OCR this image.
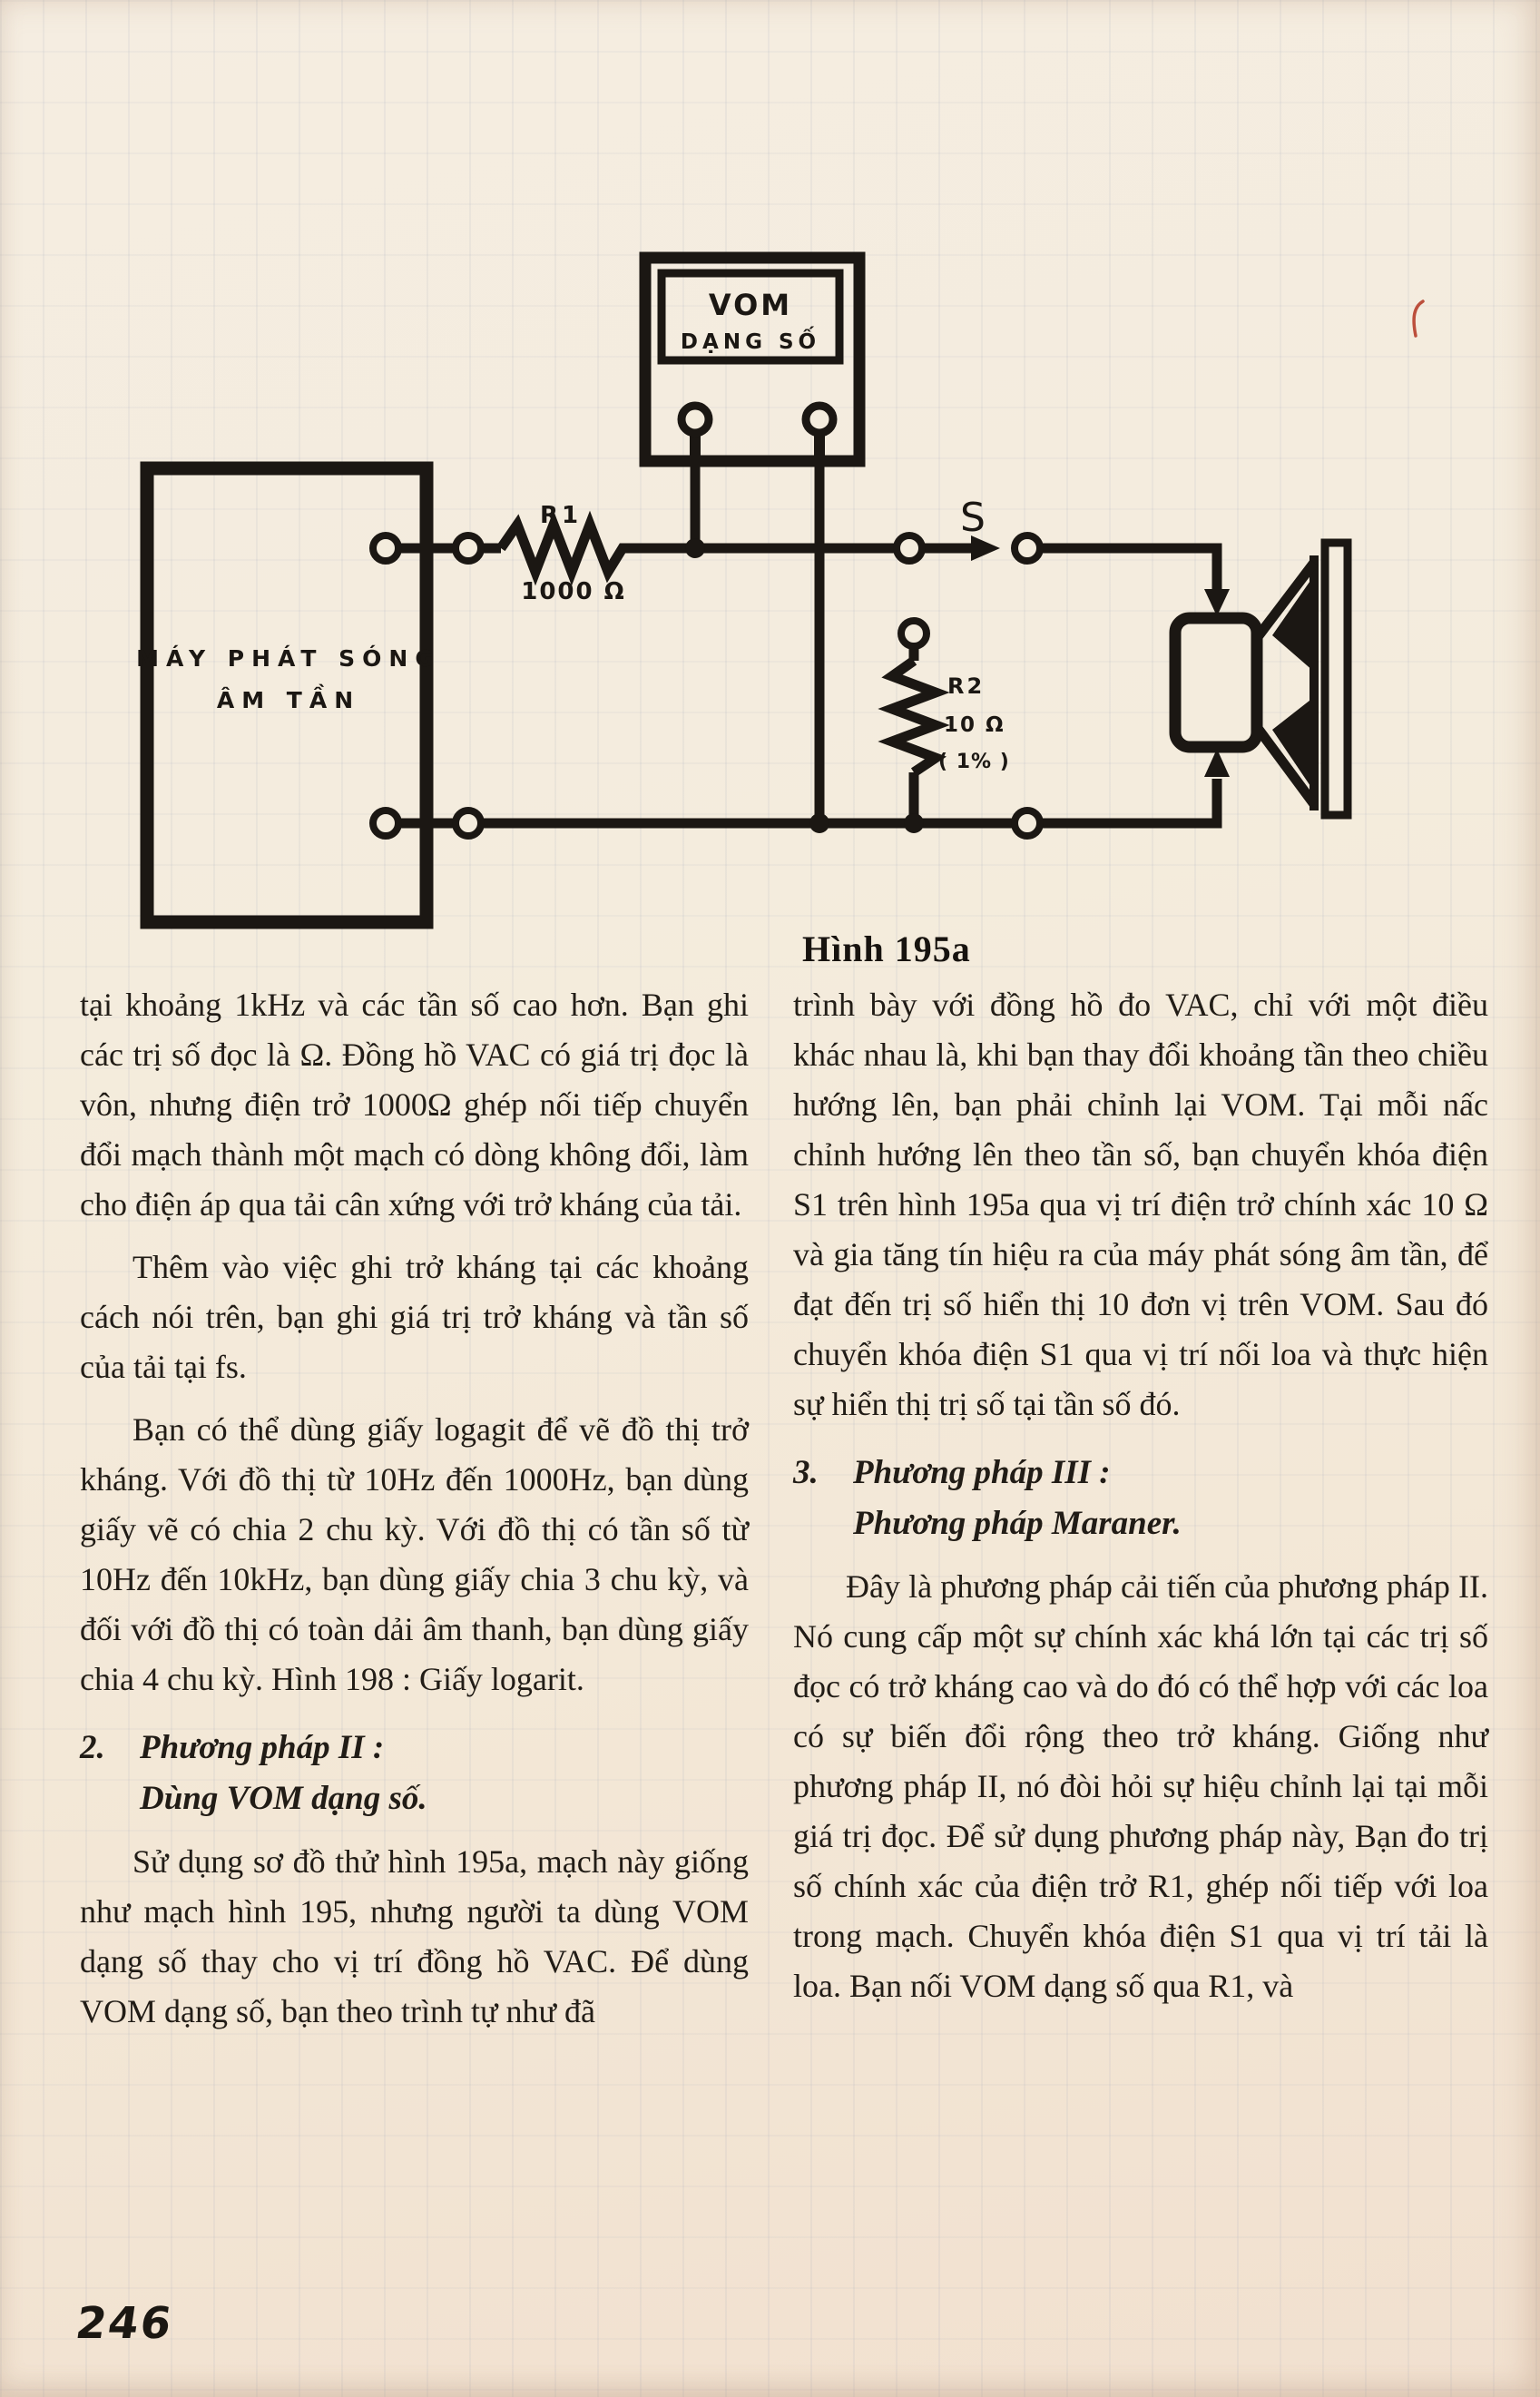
MÁY PHÁT SÓNG
ÂM TẦN
VOM
DẠNG SỐ
R1
1000 Ω
S
R2
10 Ω
( 1% )
Hình 195a

tại khoảng 1kHz và các tần số cao hơn. Bạn ghi các trị số đọc là Ω. Đồng hồ VAC có giá trị đọc là vôn, nhưng điện trở 1000Ω ghép nối tiếp chuyển đổi mạch thành một mạch có dòng không đổi, làm cho điện áp qua tải cân xứng với trở kháng của tải.

Thêm vào việc ghi trở kháng tại các khoảng cách nói trên, bạn ghi giá trị trở kháng và tần số của tải tại fs.

Bạn có thể dùng giấy logagit để vẽ đồ thị trở kháng. Với đồ thị từ 10Hz đến 1000Hz, bạn dùng giấy vẽ có chia 2 chu kỳ. Với đồ thị có tần số từ 10Hz đến 10kHz, bạn dùng giấy chia 3 chu kỳ, và đối với đồ thị có toàn dải âm thanh, bạn dùng giấy chia 4 chu kỳ. Hình 198 : Giấy logarit.

2.	Phương pháp II :
Dùng VOM dạng số.

Sử dụng sơ đồ thử hình 195a, mạch này giống như mạch hình 195, nhưng người ta dùng VOM dạng số thay cho vị trí đồng hồ VAC. Để dùng VOM dạng số, bạn theo trình tự như đã

trình bày với đồng hồ đo VAC, chỉ với một điều khác nhau là, khi bạn thay đổi khoảng tần theo chiều hướng lên, bạn phải chỉnh lại VOM. Tại mỗi nấc chỉnh hướng lên theo tần số, bạn chuyển khóa điện S1 trên hình 195a qua vị trí điện trở chính xác 10 Ω và gia tăng tín hiệu ra của máy phát sóng âm tần, để đạt đến trị số hiển thị 10 đơn vị trên VOM. Sau đó chuyển khóa điện S1 qua vị trí nối loa và thực hiện sự hiển thị trị số tại tần số đó.

3.	Phương pháp III :
Phương pháp Maraner.

Đây là phương pháp cải tiến của phương pháp II. Nó cung cấp một sự chính xác khá lớn tại các trị số đọc có trở kháng cao và do đó có thể hợp với các loa có sự biến đổi rộng theo trở kháng. Giống như phương pháp II, nó đòi hỏi sự hiệu chỉnh lại tại mỗi giá trị đọc. Để sử dụng phương pháp này, Bạn đo trị số chính xác của điện trở R1, ghép nối tiếp với loa trong mạch. Chuyển khóa điện S1 qua vị trí tải là loa. Bạn nối VOM dạng số qua R1, và

246
